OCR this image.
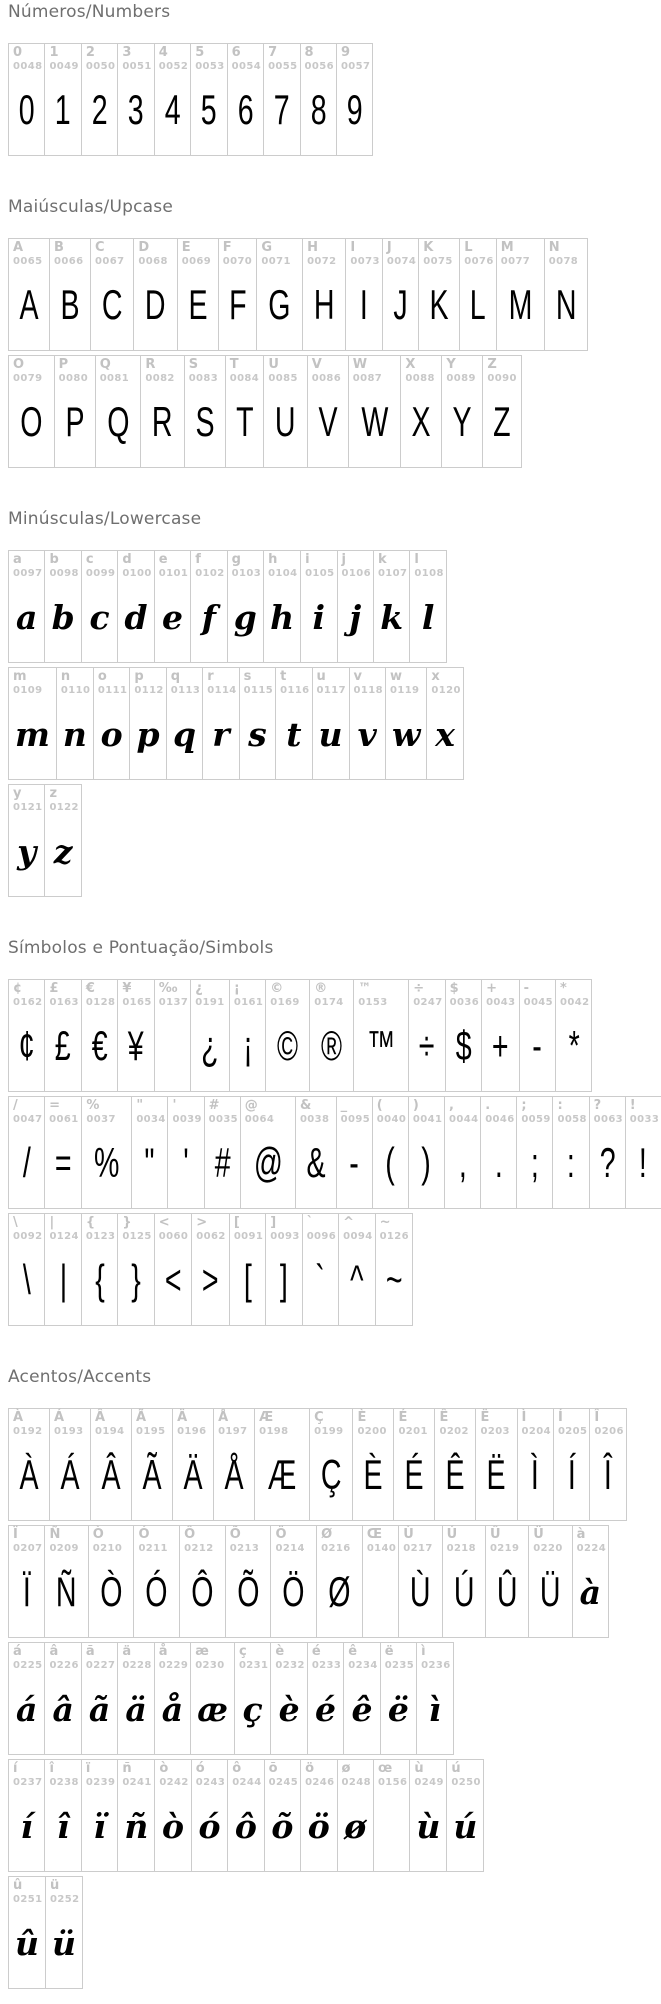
Números/Numbers
0
0048
0
1
0049
1
2
0050
2
3
0051
3
4
0052
4
5
0053
5
6
0054
6
7
0055
7
8
0056
8
9
0057
9
Maiúsculas/Upcase
A
0065
A
B
0066
B
C
0067
C
D
0068
D
E
0069
E
F
0070
F
G
0071
G
H
0072
H
I
0073
I
J
0074
J
K
0075
K
L
0076
L
M
0077
M
N
0078
N
O
0079
O
P
0080
P
Q
0081
Q
R
0082
R
S
0083
S
T
0084
T
U
0085
U
V
0086
V
W
0087
W
X
0088
X
Y
0089
Y
Z
0090
Z
Minúsculas/Lowercase
a
0097
a
b
0098
b
c
0099
c
d
0100
d
e
0101
e
f
0102
f
g
0103
g
h
0104
h
i
0105
i
j
0106
j
k
0107
k
l
0108
l
m
0109
m
n
0110
n
o
0111
o
p
0112
p
q
0113
q
r
0114
r
s
0115
s
t
0116
t
u
0117
u
v
0118
v
w
0119
w
x
0120
x
y
0121
y
z
0122
z
Símbolos e Pontuação/Simbols
¢
0162
¢
£
0163
£
€
0128
€
¥
0165
¥
‰
0137
¿
0191
¿
¡
0161
¡
©
0169
©
®
0174
®
™
0153
™
÷
0247
÷
$
0036
$
+
0043
+
-
0045
-
*
0042
*
/
0047
/
=
0061
=
%
0037
%
"
0034
"
'
0039
'
#
0035
#
@
0064
@
&
0038
&
_
0095
-
(
0040
(
)
0041
)
,
0044
,
.
0046
.
;
0059
;
:
0058
:
?
0063
?
!
0033
!
\
0092
\
|
0124
|
{
0123
{
}
0125
}
<
0060
<
>
0062
>
[
0091
[
]
0093
]
`
0096
`
^
0094
^
~
0126
~
Acentos/Accents
À
0192
À
Á
0193
Á
Â
0194
Â
Ã
0195
Ã
Ä
0196
Ä
Å
0197
Å
Æ
0198
Æ
Ç
0199
Ç
È
0200
È
É
0201
É
Ê
0202
Ê
Ë
0203
Ë
Ì
0204
Ì
Í
0205
Í
Î
0206
Î
Ï
0207
Ï
Ñ
0209
Ñ
Ò
0210
Ò
Ó
0211
Ó
Ô
0212
Ô
Õ
0213
Õ
Ö
0214
Ö
Ø
0216
Ø
Œ
0140
Ù
0217
Ù
Ú
0218
Ú
Û
0219
Û
Ü
0220
Ü
à
0224
à
á
0225
á
â
0226
â
ã
0227
ã
ä
0228
ä
å
0229
å
æ
0230
æ
ç
0231
ç
è
0232
è
é
0233
é
ê
0234
ê
ë
0235
ë
ì
0236
ì
í
0237
í
î
0238
î
ï
0239
ï
ñ
0241
ñ
ò
0242
ò
ó
0243
ó
ô
0244
ô
õ
0245
õ
ö
0246
ö
ø
0248
ø
œ
0156
ù
0249
ù
ú
0250
ú
û
0251
û
ü
0252
ü
